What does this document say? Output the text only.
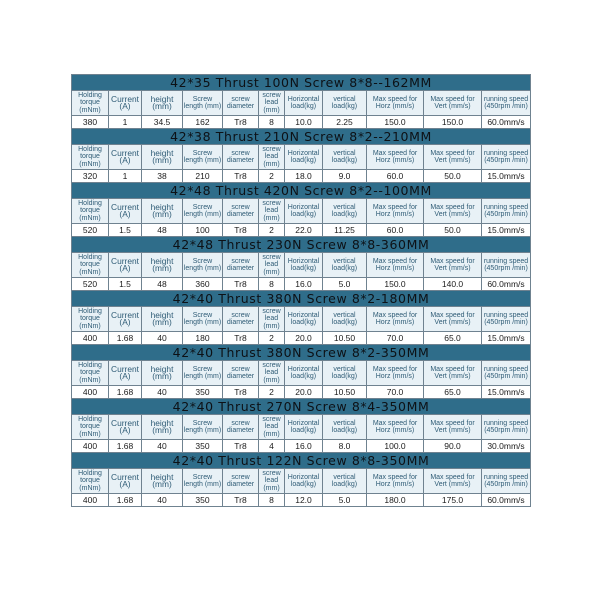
42*35 Thrust 100N Screw 8*8--162MM										
Holding torque (mNm)	Current (A)	height (mm)	Screw length (mm)	screw diameter	screw lead (mm)	Horizontal load(kg)	vertical load(kg)	Max speed for Horz (mm/s)	Max speed for Vert (mm/s)	running speed (450rpm /min)
380	1	34.5	162	Tr8	8	10.0	2.25	150.0	150.0	60.0mm/s
42*38 Thrust 210N Screw 8*2--210MM										
Holding torque (mNm)	Current (A)	height (mm)	Screw length (mm)	screw diameter	screw lead (mm)	Horizontal load(kg)	vertical load(kg)	Max speed for Horz (mm/s)	Max speed for Vert (mm/s)	running speed (450rpm /min)
320	1	38	210	Tr8	2	18.0	9.0	60.0	50.0	15.0mm/s
42*48 Thrust 420N Screw 8*2--100MM										
Holding torque (mNm)	Current (A)	height (mm)	Screw length (mm)	screw diameter	screw lead (mm)	Horizontal load(kg)	vertical load(kg)	Max speed for Horz (mm/s)	Max speed for Vert (mm/s)	running speed (450rpm /min)
520	1.5	48	100	Tr8	2	22.0	11.25	60.0	50.0	15.0mm/s
42*48 Thrust 230N Screw 8*8-360MM										
Holding torque (mNm)	Current (A)	height (mm)	Screw length (mm)	screw diameter	screw lead (mm)	Horizontal load(kg)	vertical load(kg)	Max speed for Horz (mm/s)	Max speed for Vert (mm/s)	running speed (450rpm /min)
520	1.5	48	360	Tr8	8	16.0	5.0	150.0	140.0	60.0mm/s
42*40 Thrust 380N Screw 8*2-180MM										
Holding torque (mNm)	Current (A)	height (mm)	Screw length (mm)	screw diameter	screw lead (mm)	Horizontal load(kg)	vertical load(kg)	Max speed for Horz (mm/s)	Max speed for Vert (mm/s)	running speed (450rpm /min)
400	1.68	40	180	Tr8	2	20.0	10.50	70.0	65.0	15.0mm/s
42*40 Thrust 380N Screw 8*2-350MM										
Holding torque (mNm)	Current (A)	height (mm)	Screw length (mm)	screw diameter	screw lead (mm)	Horizontal load(kg)	vertical load(kg)	Max speed for Horz (mm/s)	Max speed for Vert (mm/s)	running speed (450rpm /min)
400	1.68	40	350	Tr8	2	20.0	10.50	70.0	65.0	15.0mm/s
42*40 Thrust 270N Screw 8*4-350MM										
Holding torque (mNm)	Current (A)	height (mm)	Screw length (mm)	screw diameter	screw lead (mm)	Horizontal load(kg)	vertical load(kg)	Max speed for Horz (mm/s)	Max speed for Vert (mm/s)	running speed (450rpm /min)
400	1.68	40	350	Tr8	4	16.0	8.0	100.0	90.0	30.0mm/s
42*40 Thrust 122N Screw 8*8-350MM										
Holding torque (mNm)	Current (A)	height (mm)	Screw length (mm)	screw diameter	screw lead (mm)	Horizontal load(kg)	vertical load(kg)	Max speed for Horz (mm/s)	Max speed for Vert (mm/s)	running speed (450rpm /min)
400	1.68	40	350	Tr8	8	12.0	5.0	180.0	175.0	60.0mm/s
